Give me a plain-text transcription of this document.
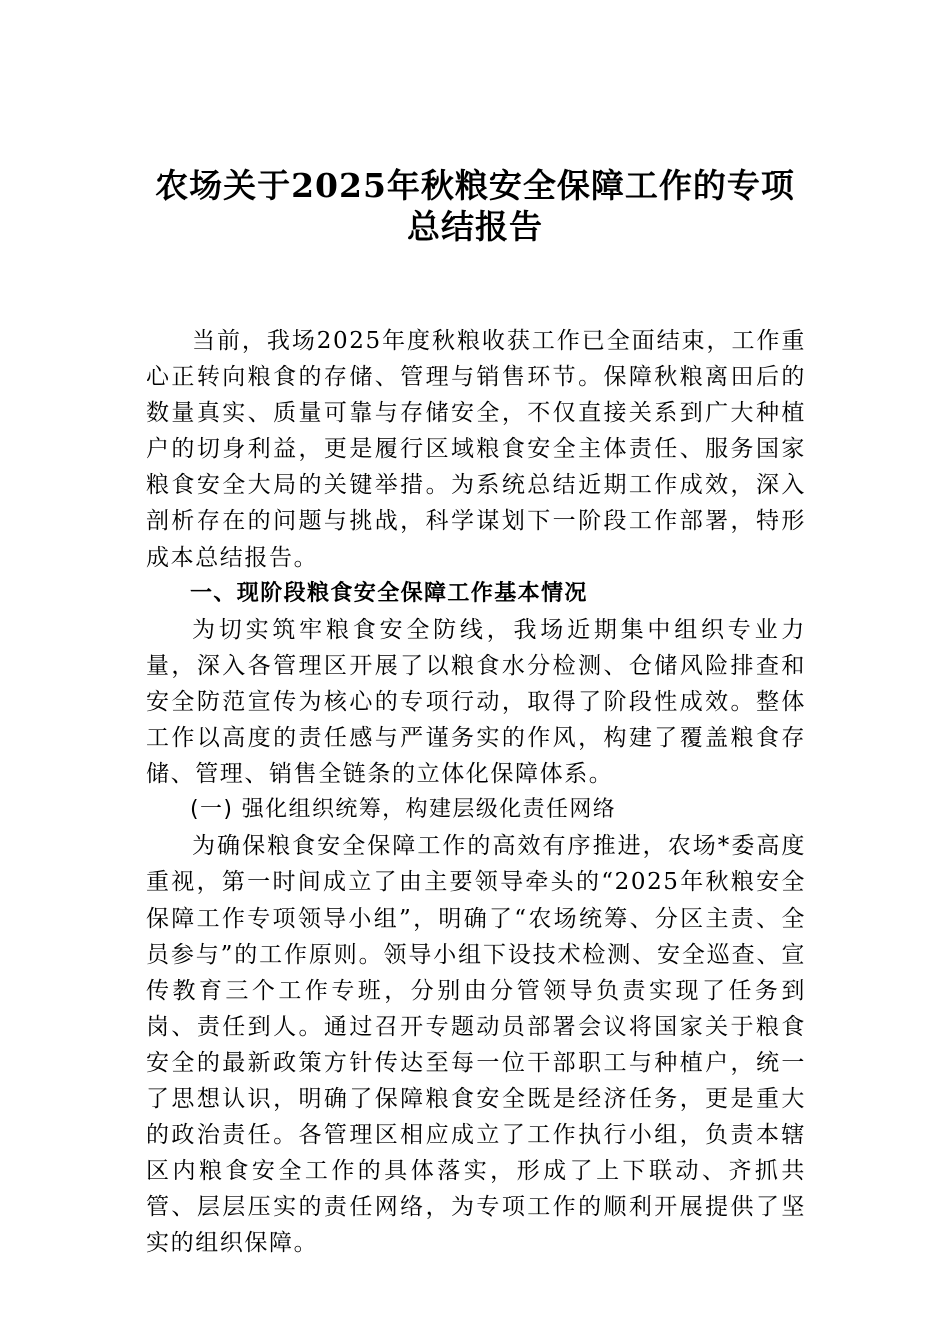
农场关于2025年秋粮安全保障工作的专项
总结报告

当前，我场2025年度秋粮收获工作已全面结束，工作重心正转向粮食的存储、管理与销售环节。保障秋粮离田后的数量真实、质量可靠与存储安全，不仅直接关系到广大种植户的切身利益，更是履行区域粮食安全主体责任、服务国家粮食安全大局的关键举措。为系统总结近期工作成效，深入剖析存在的问题与挑战，科学谋划下一阶段工作部署，特形成本总结报告。

一、现阶段粮食安全保障工作基本情况

为切实筑牢粮食安全防线，我场近期集中组织专业力量，深入各管理区开展了以粮食水分检测、仓储风险排查和安全防范宣传为核心的专项行动，取得了阶段性成效。整体工作以高度的责任感与严谨务实的作风，构建了覆盖粮食存储、管理、销售全链条的立体化保障体系。

(一) 强化组织统筹，构建层级化责任网络

为确保粮食安全保障工作的高效有序推进，农场*委高度重视，第一时间成立了由主要领导牵头的“2025年秋粮安全保障工作专项领导小组”，明确了“农场统筹、分区主责、全员参与”的工作原则。领导小组下设技术检测、安全巡查、宣传教育三个工作专班，分别由分管领导负责实现了任务到岗、责任到人。通过召开专题动员部署会议将国家关于粮食安全的最新政策方针传达至每一位干部职工与种植户，统一了思想认识，明确了保障粮食安全既是经济任务，更是重大的政治责任。各管理区相应成立了工作执行小组，负责本辖区内粮食安全工作的具体落实，形成了上下联动、齐抓共管、层层压实的责任网络，为专项工作的顺利开展提供了坚实的组织保障。
